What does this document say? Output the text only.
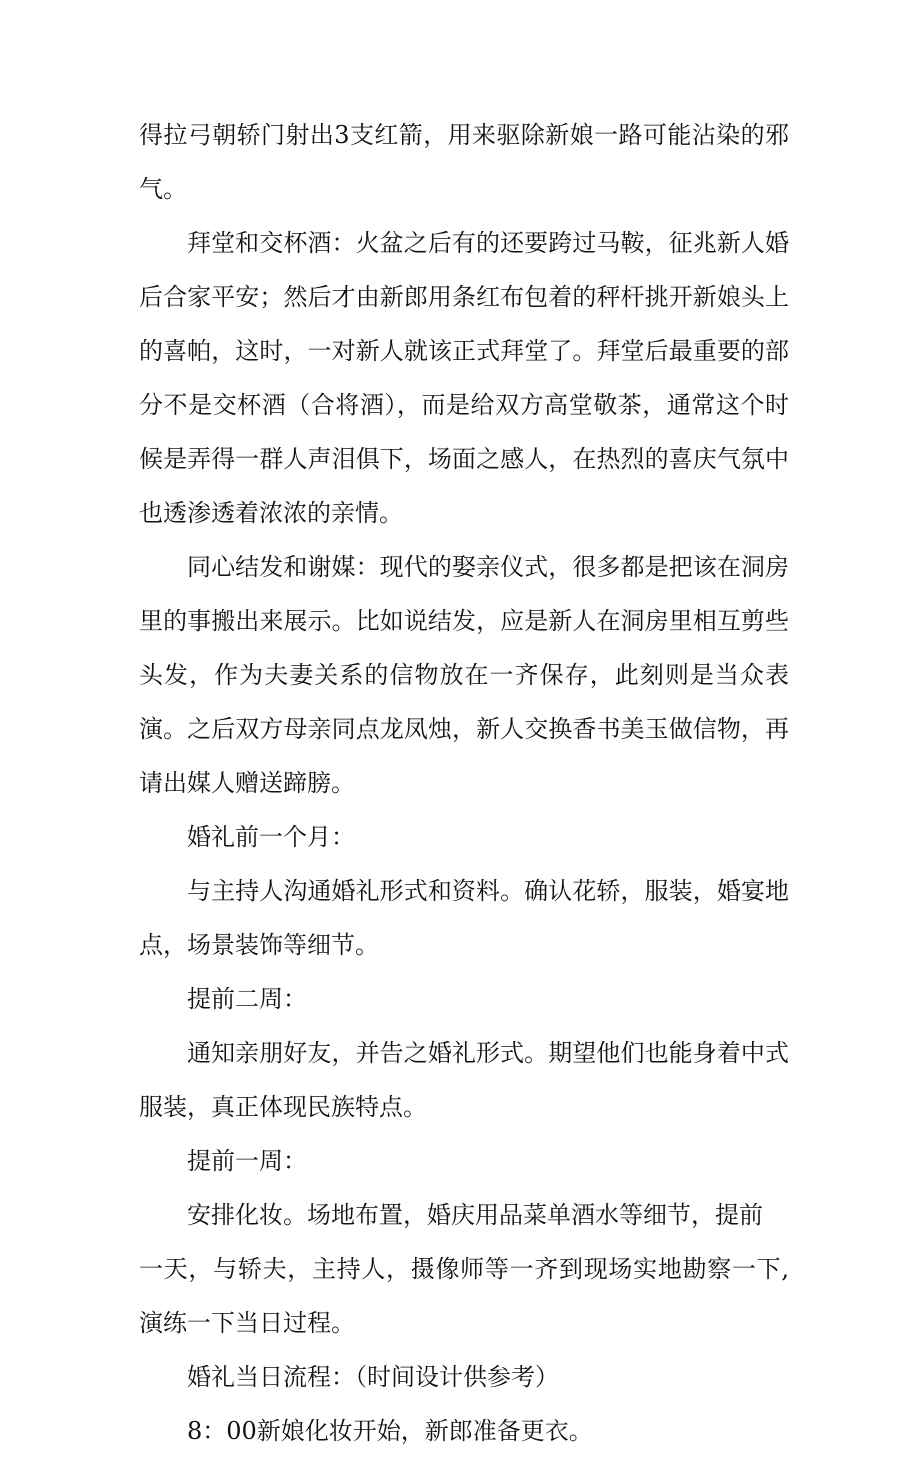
得拉弓朝轿门射出3支红箭，用来驱除新娘一路可能沾染的邪气。

拜堂和交杯酒：火盆之后有的还要跨过马鞍，征兆新人婚后合家平安；然后才由新郎用条红布包着的秤杆挑开新娘头上的喜帕，这时，一对新人就该正式拜堂了。拜堂后最重要的部分不是交杯酒（合将酒），而是给双方高堂敬茶，通常这个时候是弄得一群人声泪俱下，场面之感人，在热烈的喜庆气氛中也透渗透着浓浓的亲情。

同心结发和谢媒：现代的娶亲仪式，很多都是把该在洞房里的事搬出来展示。比如说结发，应是新人在洞房里相互剪些头发，作为夫妻关系的信物放在一齐保存，此刻则是当众表演。之后双方母亲同点龙凤烛，新人交换香书美玉做信物，再请出媒人赠送蹄膀。

婚礼前一个月：

与主持人沟通婚礼形式和资料。确认花轿，服装，婚宴地点，场景装饰等细节。

提前二周：

通知亲朋好友，并告之婚礼形式。期望他们也能身着中式服装，真正体现民族特点。

提前一周：

安排化妆。场地布置，婚庆用品菜单酒水等细节，提前
一天，与轿夫，主持人，摄像师等一齐到现场实地勘察一下,演练一下当日过程。

婚礼当日流程：（时间设计供参考）

8：00新娘化妆开始，新郎准备更衣。
